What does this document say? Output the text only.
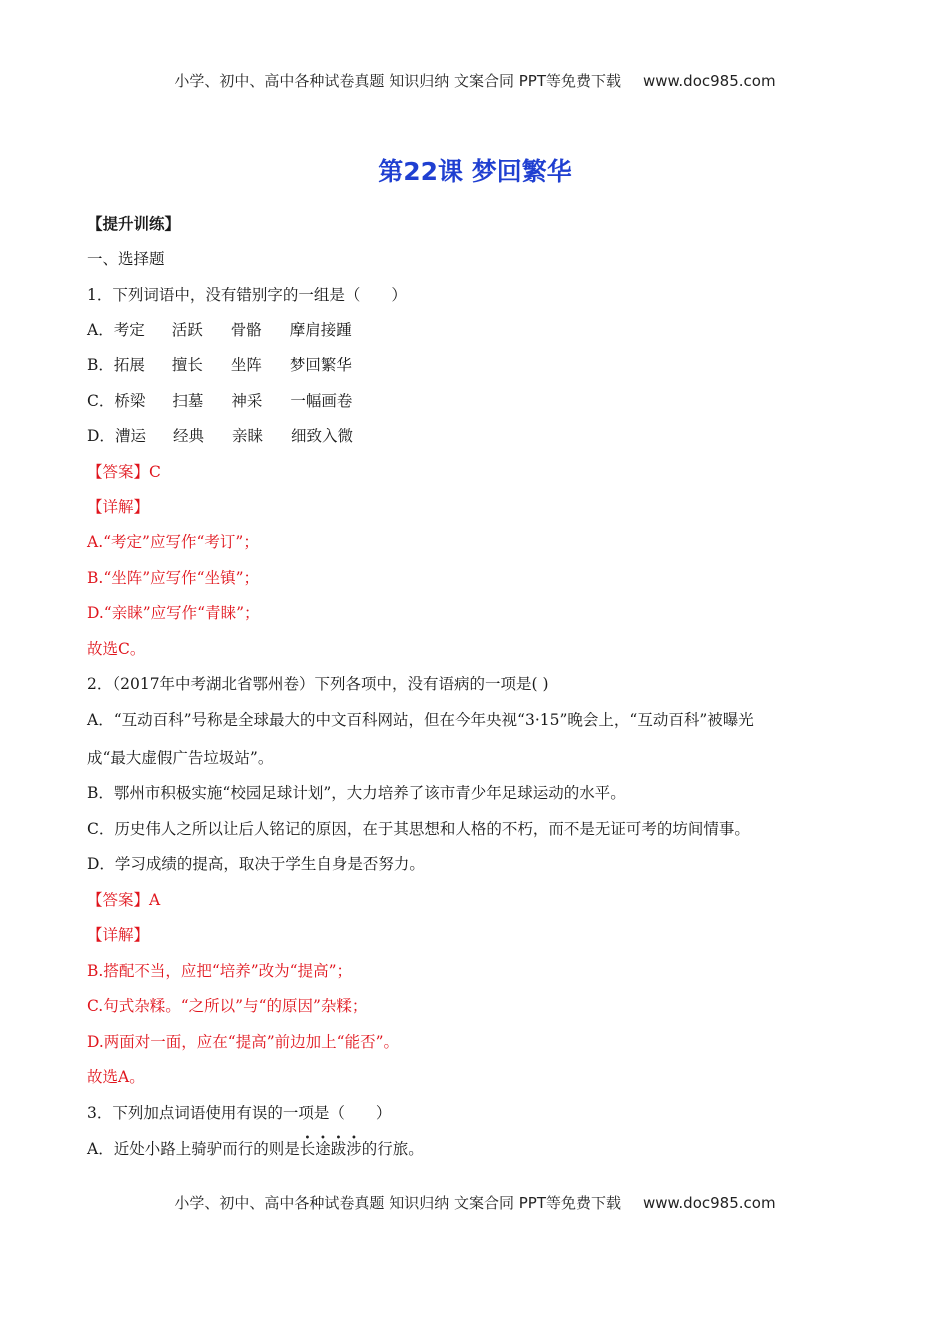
小学、初中、高中各种试卷真题 知识归纳 文案合同 PPT等免费下载 www.doc985.com
第22课 梦回繁华
【提升训练】
一、选择题
1．下列词语中，没有错别字的一组是（　　）
A．考定 活跃 骨骼 摩肩接踵
B．拓展 擅长 坐阵 梦回繁华
C．桥梁 扫墓 神采 一幅画卷
D．漕运 经典 亲睐 细致入微
【答案】C
【详解】
A.“考定”应写作“考订”；
B.“坐阵”应写作“坐镇”；
D.“亲睐”应写作“青睐”；
故选C。
2．（2017年中考湖北省鄂州卷）下列各项中，没有语病的一项是( )
A．“互动百科”号称是全球最大的中文百科网站，但在今年央视“3·15”晚会上，“互动百科”被曝光
成“最大虚假广告垃圾站”。
B．鄂州市积极实施“校园足球计划”，大力培养了该市青少年足球运动的水平。
C．历史伟人之所以让后人铭记的原因，在于其思想和人格的不朽，而不是无证可考的坊间情事。
D．学习成绩的提高，取决于学生自身是否努力。
【答案】A
【详解】
B.搭配不当，应把“培养”改为“提高”；
C.句式杂糅。“之所以”与“的原因”杂糅；
D.两面对一面，应在“提高”前边加上“能否”。
故选A。
3．下列加点词语使用有误的一项是（　　）
A．近处小路上骑驴而行的则是长途跋涉的行旅。
小学、初中、高中各种试卷真题 知识归纳 文案合同 PPT等免费下载 www.doc985.com
